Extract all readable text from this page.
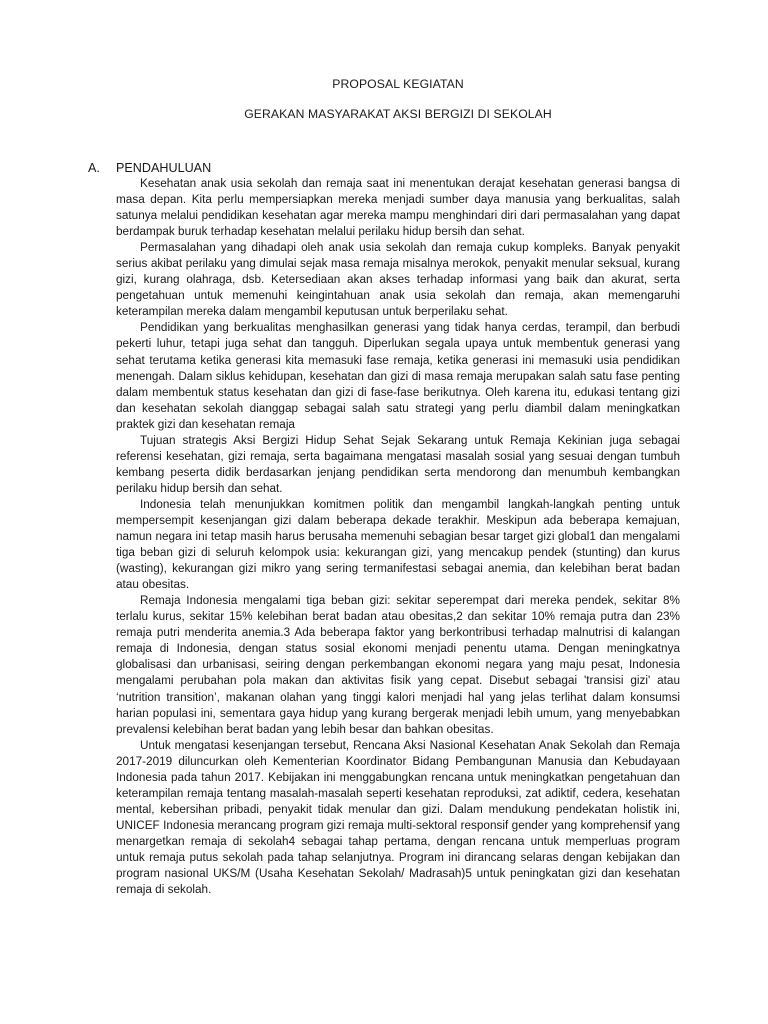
PROPOSAL KEGIATAN
GERAKAN MASYARAKAT AKSI BERGIZI DI SEKOLAH
A.	PENDAHULUAN

Kesehatan anak usia sekolah dan remaja saat ini menentukan derajat kesehatan generasi bangsa di masa depan. Kita perlu mempersiapkan mereka menjadi sumber daya manusia yang berkualitas, salah satunya melalui pendidikan kesehatan agar mereka mampu menghindari diri dari permasalahan yang dapat berdampak buruk terhadap kesehatan melalui perilaku hidup bersih dan sehat.

Permasalahan yang dihadapi oleh anak usia sekolah dan remaja cukup kompleks. Banyak penyakit serius akibat perilaku yang dimulai sejak masa remaja misalnya merokok, penyakit menular seksual, kurang gizi, kurang olahraga, dsb. Ketersediaan akan akses terhadap informasi yang baik dan akurat, serta pengetahuan untuk memenuhi keingintahuan anak usia sekolah dan remaja, akan memengaruhi keterampilan mereka dalam mengambil keputusan untuk berperilaku sehat.

Pendidikan yang berkualitas menghasilkan generasi yang tidak hanya cerdas, terampil, dan berbudi pekerti luhur, tetapi juga sehat dan tangguh. Diperlukan segala upaya untuk membentuk generasi yang sehat terutama ketika generasi kita memasuki fase remaja, ketika generasi ini memasuki usia pendidikan menengah. Dalam siklus kehidupan, kesehatan dan gizi di masa remaja merupakan salah satu fase penting dalam membentuk status kesehatan dan gizi di fase-fase berikutnya. Oleh karena itu, edukasi tentang gizi dan kesehatan sekolah dianggap sebagai salah satu strategi yang perlu diambil dalam meningkatkan praktek gizi dan kesehatan remaja

Tujuan strategis Aksi Bergizi Hidup Sehat Sejak Sekarang untuk Remaja Kekinian juga sebagai referensi kesehatan, gizi remaja, serta bagaimana mengatasi masalah sosial yang sesuai dengan tumbuh kembang peserta didik berdasarkan jenjang pendidikan serta mendorong dan menumbuh kembangkan perilaku hidup bersih dan sehat.

Indonesia telah menunjukkan komitmen politik dan mengambil langkah-langkah penting untuk mempersempit kesenjangan gizi dalam beberapa dekade terakhir. Meskipun ada beberapa kemajuan, namun negara ini tetap masih harus berusaha memenuhi sebagian besar target gizi global1 dan mengalami tiga beban gizi di seluruh kelompok usia: kekurangan gizi, yang mencakup pendek (stunting) dan kurus (wasting), kekurangan gizi mikro yang sering termanifestasi sebagai anemia, dan kelebihan berat badan atau obesitas.

Remaja Indonesia mengalami tiga beban gizi: sekitar seperempat dari mereka pendek, sekitar 8% terlalu kurus, sekitar 15% kelebihan berat badan atau obesitas,2 dan sekitar 10% remaja putra dan 23% remaja putri menderita anemia.3 Ada beberapa faktor yang berkontribusi terhadap malnutrisi di kalangan remaja di Indonesia, dengan status sosial ekonomi menjadi penentu utama. Dengan meningkatnya globalisasi dan urbanisasi, seiring dengan perkembangan ekonomi negara yang maju pesat, Indonesia mengalami perubahan pola makan dan aktivitas fisik yang cepat. Disebut sebagai 'transisi gizi' atau ‘nutrition transition’, makanan olahan yang tinggi kalori menjadi hal yang jelas terlihat dalam konsumsi harian populasi ini, sementara gaya hidup yang kurang bergerak menjadi lebih umum, yang menyebabkan prevalensi kelebihan berat badan yang lebih besar dan bahkan obesitas.

Untuk mengatasi kesenjangan tersebut, Rencana Aksi Nasional Kesehatan Anak Sekolah dan Remaja 2017-2019 diluncurkan oleh Kementerian Koordinator Bidang Pembangunan Manusia dan Kebudayaan Indonesia pada tahun 2017. Kebijakan ini menggabungkan rencana untuk meningkatkan pengetahuan dan keterampilan remaja tentang masalah-masalah seperti kesehatan reproduksi, zat adiktif, cedera, kesehatan mental, kebersihan pribadi, penyakit tidak menular dan gizi. Dalam mendukung pendekatan holistik ini, UNICEF Indonesia merancang program gizi remaja multi-sektoral responsif gender yang komprehensif yang menargetkan remaja di sekolah4 sebagai tahap pertama, dengan rencana untuk memperluas program untuk remaja putus sekolah pada tahap selanjutnya. Program ini dirancang selaras dengan kebijakan dan program nasional UKS/M (Usaha Kesehatan Sekolah/ Madrasah)5 untuk peningkatan gizi dan kesehatan remaja di sekolah.
